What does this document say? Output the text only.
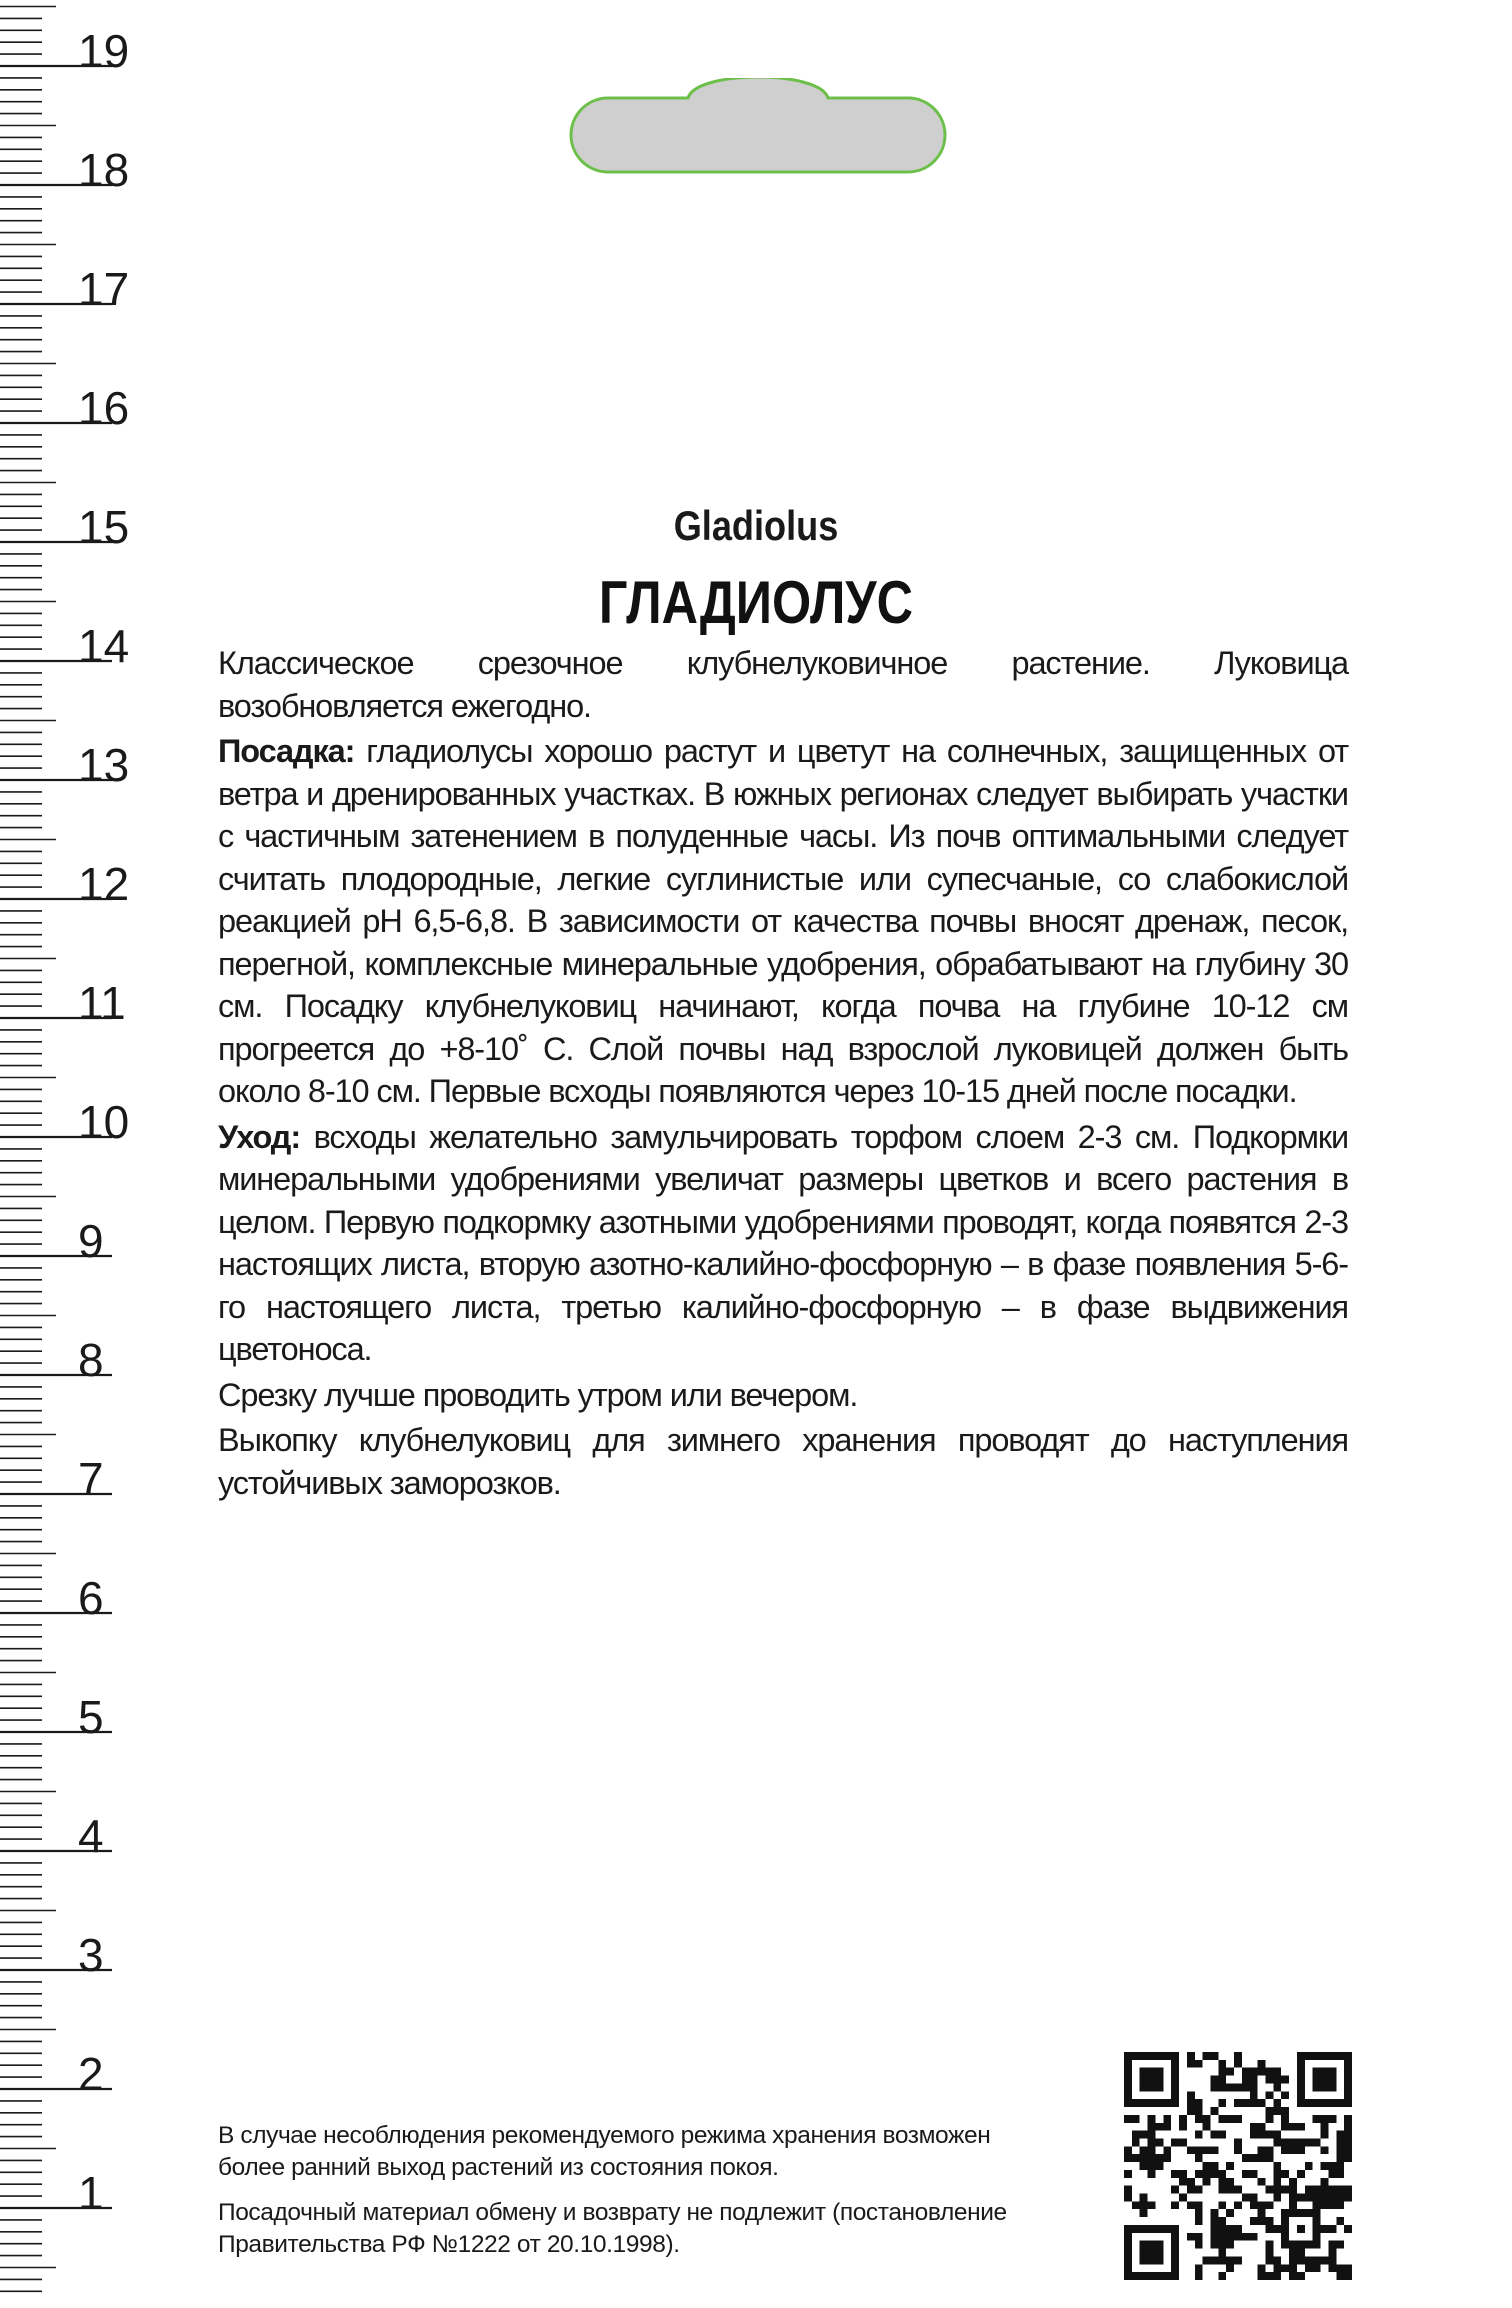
19
18
17
16
15
14
13
12
11
10
9
8
7
6
5
4
3
2
1
Gladiolus
ГЛАДИОЛУС

Классическое срезочное клубнелуковичное растение. Луковица возобновляется ежегодно.

Посадка: гладиолусы хорошо растут и цветут на солнечных, защищенных от ветра и дренированных участках. В южных регионах следует выбирать участки с частичным затенением в полуденные часы. Из почв оптимальными следует считать плодородные, легкие суглинистые или супесчаные, со слабокислой реакцией pH 6,5-6,8. В зависимости от качества почвы вносят дренаж, песок, перегной, комплексные минеральные удобрения, обрабатывают на глубину 30 см. Посадку клубнелуковиц начинают, когда почва на глубине 10-12 см прогреется до +8-10˚ С. Слой почвы над взрослой луковицей должен быть около 8-10 см. Первые всходы появляются через 10-15 дней после посадки.

Уход: всходы желательно замульчировать торфом слоем 2-3 см. Подкормки минеральными удобрениями увеличат размеры цветков и всего растения в целом. Первую подкормку азотными удобрениями проводят, когда появятся 2-3 настоящих листа, вторую азотно-калийно-фосфорную – в фазе появления 5-6-го настоящего листа, третью калийно-фосфорную – в фазе выдвижения цветоноса.

Срезку лучше проводить утром или вечером.

Выкопку клубнелуковиц для зимнего хранения проводят до наступления устойчивых заморозков.

В случае несоблюдения рекомендуемого режима хранения возможен более ранний выход растений из состояния покоя.

Посадочный материал обмену и возврату не подлежит (постановление Правительства РФ №1222 от 20.10.1998).
